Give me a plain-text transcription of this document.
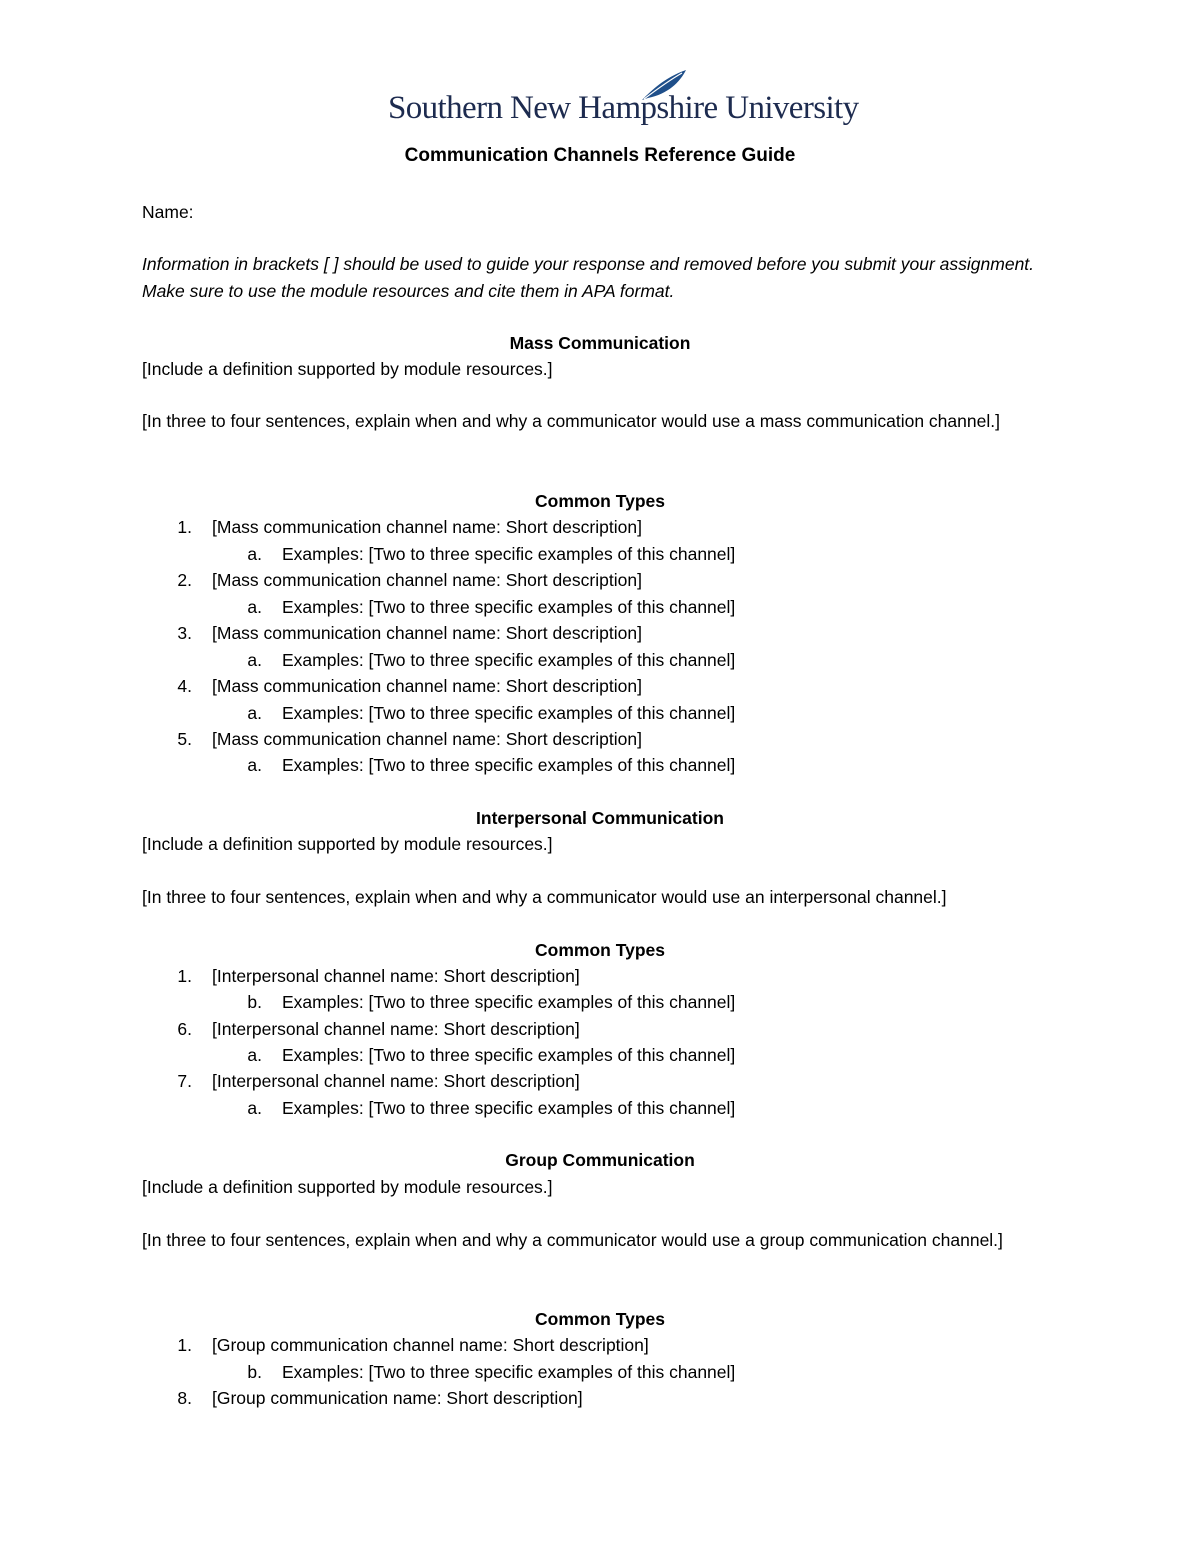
Southern New Hampshire University
Communication Channels Reference Guide
Name:
Information in brackets [ ] should be used to guide your response and removed before you submit your assignment. Make sure to use the module resources and cite them in APA format.
Mass Communication
[Include a definition supported by module resources.]
[In three to four sentences, explain when and why a communicator would use a mass communication channel.]
Common Types
1. [Mass communication channel name: Short description]
a. Examples: [Two to three specific examples of this channel]
2. [Mass communication channel name: Short description]
a. Examples: [Two to three specific examples of this channel]
3. [Mass communication channel name: Short description]
a. Examples: [Two to three specific examples of this channel]
4. [Mass communication channel name: Short description]
a. Examples: [Two to three specific examples of this channel]
5. [Mass communication channel name: Short description]
a. Examples: [Two to three specific examples of this channel]
Interpersonal Communication
[Include a definition supported by module resources.]
[In three to four sentences, explain when and why a communicator would use an interpersonal channel.]
Common Types
1. [Interpersonal channel name: Short description]
b. Examples: [Two to three specific examples of this channel]
6. [Interpersonal channel name: Short description]
a. Examples: [Two to three specific examples of this channel]
7. [Interpersonal channel name: Short description]
a. Examples: [Two to three specific examples of this channel]
Group Communication
[Include a definition supported by module resources.]
[In three to four sentences, explain when and why a communicator would use a group communication channel.]
Common Types
1. [Group communication channel name: Short description]
b. Examples: [Two to three specific examples of this channel]
8. [Group communication name: Short description]
